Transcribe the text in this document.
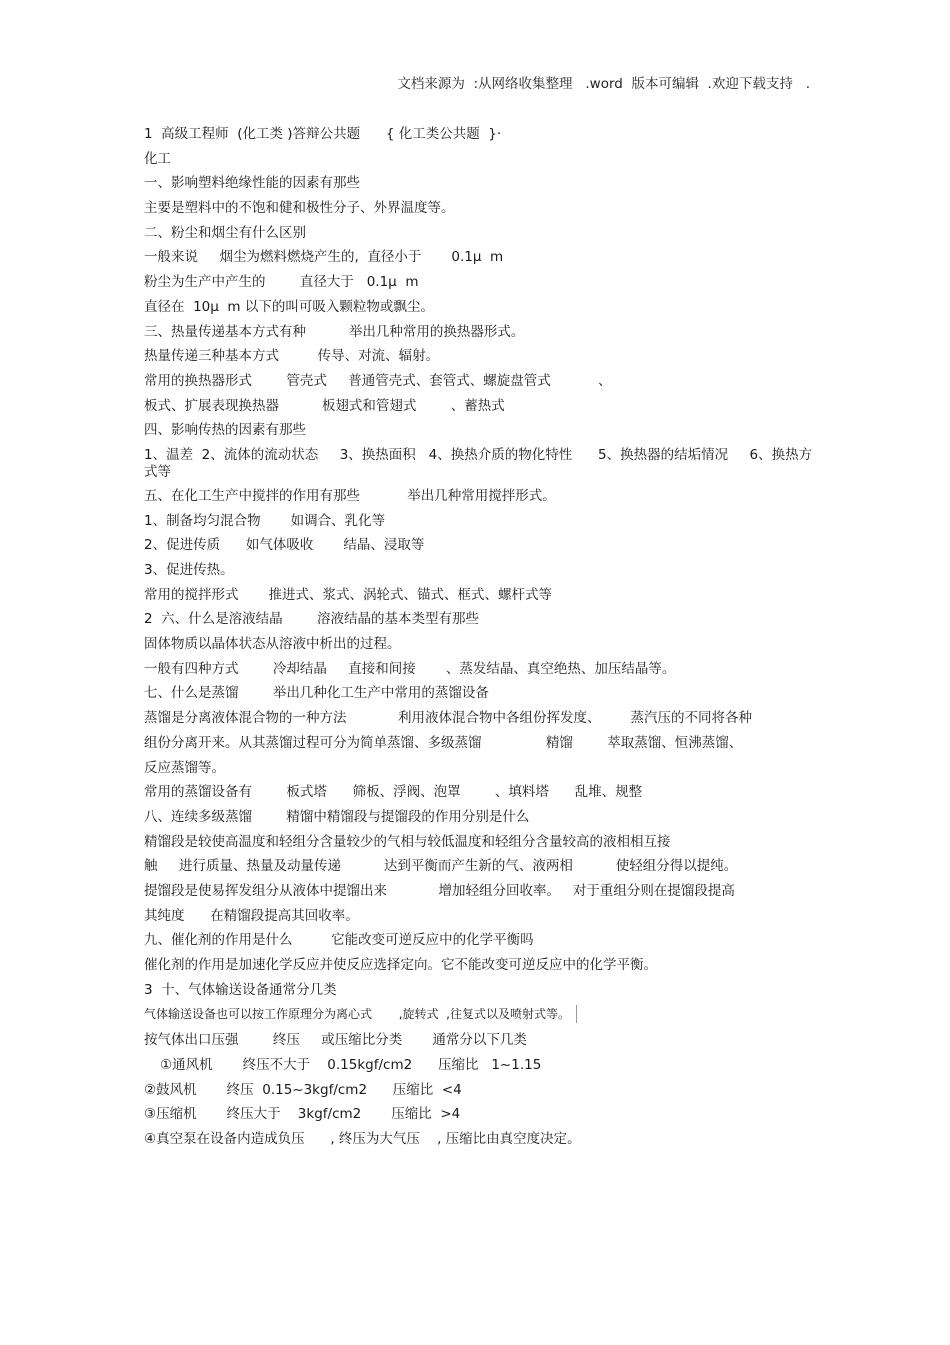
文档来源为  :从网络收集整理   .word  版本可编辑  .欢迎下载支持   .
1  高级工程师  (化工类 )答辩公共题      { 化工类公共题  }·
化工
一、影响塑料绝缘性能的因素有那些
主要是塑料中的不饱和健和极性分子、外界温度等。
二、粉尘和烟尘有什么区别
一般来说     烟尘为燃料燃烧产生的,  直径小于       0.1μ  m
粉尘为生产中产生的        直径大于   0.1μ  m
直径在  10μ  m 以下的叫可吸入颗粒物或飘尘。
三、热量传递基本方式有种          举出几种常用的换热器形式。
热量传递三种基本方式         传导、对流、辐射。
常用的换热器形式        管壳式     普通管壳式、套管式、螺旋盘管式           、
板式、扩展表现换热器          板翅式和管翅式        、蓄热式
四、影响传热的因素有那些
1、温差  2、流体的流动状态     3、换热面积   4、换热介质的物化特性      5、换热器的结垢情况     6、换热方式等
五、在化工生产中搅拌的作用有那些           举出几种常用搅拌形式。
1、制备均匀混合物       如调合、乳化等
2、促进传质      如气体吸收       结晶、浸取等
3、促进传热。
常用的搅拌形式       推进式、浆式、涡轮式、锚式、框式、螺杆式等
2  六、什么是溶液结晶        溶液结晶的基本类型有那些
固体物质以晶体状态从溶液中析出的过程。
一般有四种方式        冷却结晶     直接和间接       、蒸发结晶、真空绝热、加压结晶等。
七、什么是蒸馏        举出几种化工生产中常用的蒸馏设备
蒸馏是分离液体混合物的一种方法            利用液体混合物中各组份挥发度、       蒸汽压的不同将各种
组份分离开来。从其蒸馏过程可分为简单蒸馏、多级蒸馏               精馏        萃取蒸馏、恒沸蒸馏、
反应蒸馏等。
常用的蒸馏设备有        板式塔      筛板、浮阀、泡罩        、填料塔      乱堆、规整
八、连续多级蒸馏        精馏中精馏段与提馏段的作用分别是什么
精馏段是较使高温度和轻组分含量较少的气相与较低温度和轻组分含量较高的液相相互接
触     进行质量、热量及动量传递          达到平衡而产生新的气、液两相          使轻组分得以提纯。
提馏段是使易挥发组分从液体中提馏出来            增加轻组分回收率。   对于重组分则在提馏段提高
其纯度      在精馏段提高其回收率。
九、催化剂的作用是什么         它能改变可逆反应中的化学平衡吗
催化剂的作用是加速化学反应并使反应选择定向。它不能改变可逆反应中的化学平衡。
3  十、气体输送设备通常分几类
气体输送设备也可以按工作原理分为离心式       ,旋转式  ,往复式以及喷射式等。
按气体出口压强        终压     或压缩比分类       通常分以下几类
①通风机       终压不大于    0.15kgf/cm2      压缩比   1~1.15
②鼓风机       终压  0.15~3kgf/cm2      压缩比  <4
③压缩机       终压大于    3kgf/cm2       压缩比  >4
④真空泵在设备内造成负压      , 终压为大气压    , 压缩比由真空度决定。
